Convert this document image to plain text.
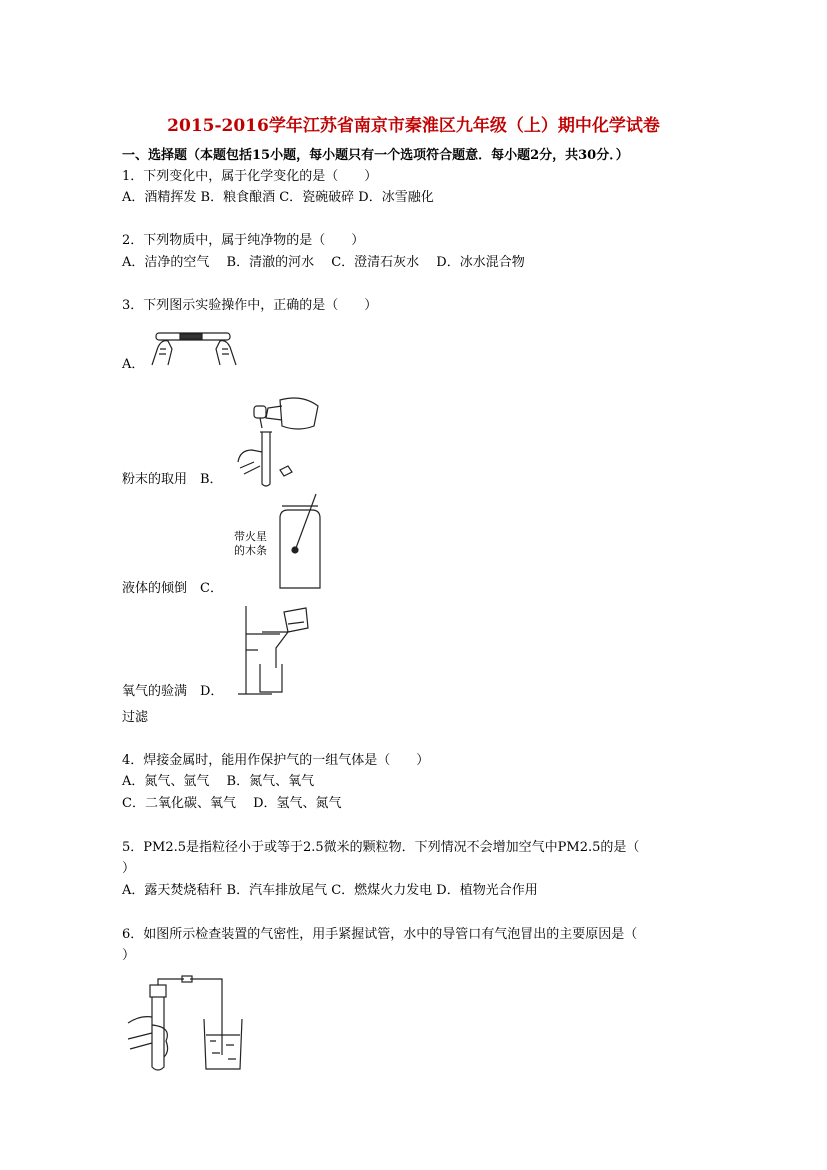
2015-2016学年江苏省南京市秦淮区九年级（上）期中化学试卷
一、选择题（本题包括15小题，每小题只有一个选项符合题意．每小题2分，共30分．）
1．下列变化中，属于化学变化的是（　　）
A．酒精挥发 B．粮食酿酒 C．瓷碗破碎 D．冰雪融化
2．下列物质中，属于纯净物的是（　　）
A．洁净的空气　 B．清澈的河水　 C．澄清石灰水　 D．冰水混合物
3．下列图示实验操作中，正确的是（　　）
A．
粉末的取用　B．
带火星
的木条
液体的倾倒　C．
氧气的验满　D．
过滤
4．焊接金属时，能用作保护气的一组气体是（　　）
A．氮气、氩气　 B．氮气、氧气
C．二氧化碳、氧气　 D．氢气、氮气
5．PM2.5是指粒径小于或等于2.5微米的颗粒物．下列情况不会增加空气中PM2.5的是（
）
A．露天焚烧秸秆 B．汽车排放尾气 C．燃煤火力发电 D．植物光合作用
6．如图所示检查装置的气密性，用手紧握试管，水中的导管口有气泡冒出的主要原因是（
）
